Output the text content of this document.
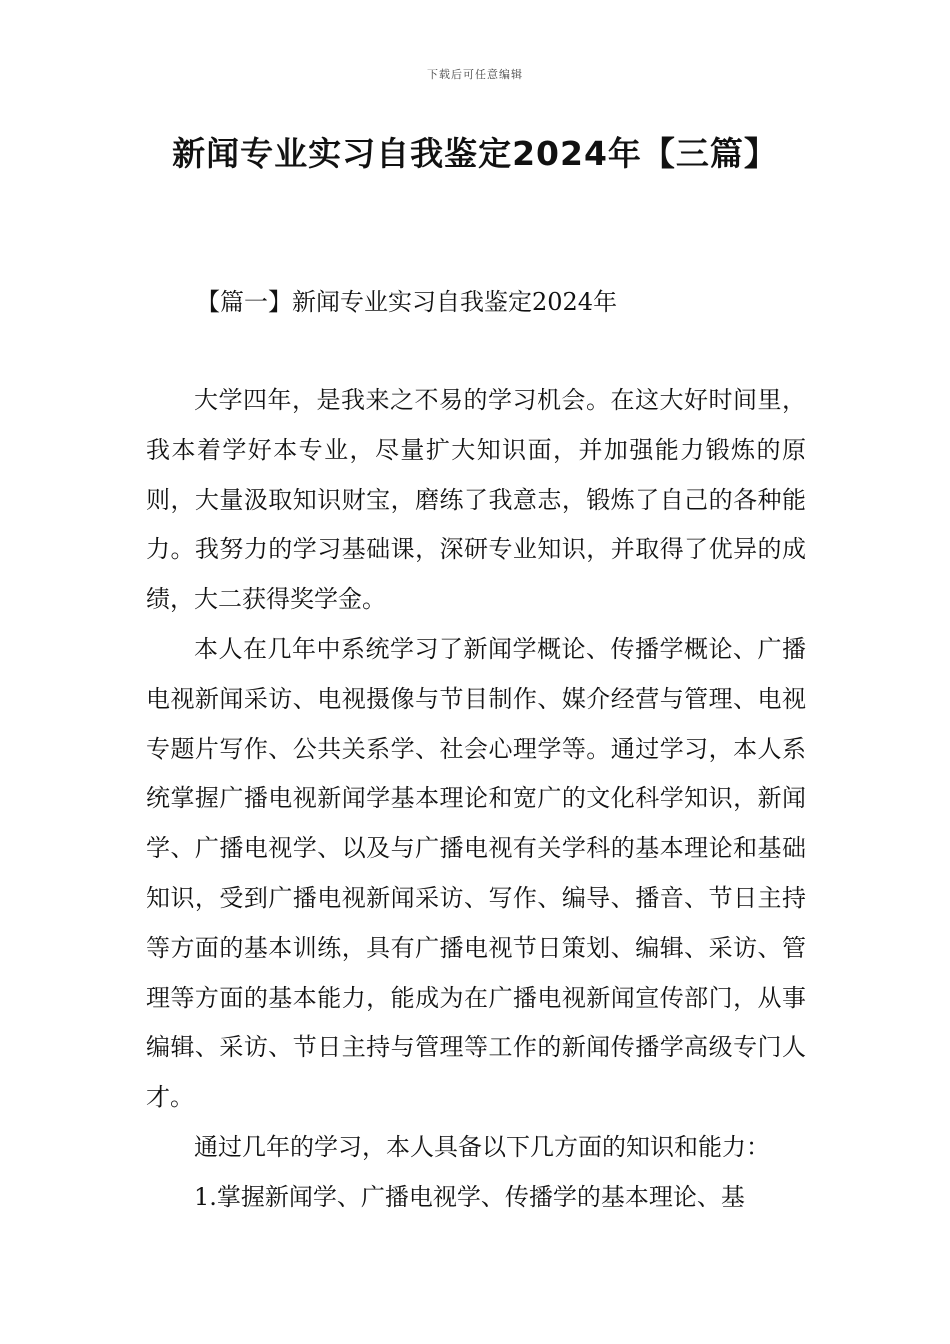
下载后可任意编辑
新闻专业实习自我鉴定2024年【三篇】
【篇一】新闻专业实习自我鉴定2024年

大学四年，是我来之不易的学习机会。在这大好时间里，我本着学好本专业，尽量扩大知识面，并加强能力锻炼的原则，大量汲取知识财宝，磨练了我意志，锻炼了自己的各种能力。我努力的学习基础课，深研专业知识，并取得了优异的成绩，大二获得奖学金。

本人在几年中系统学习了新闻学概论、传播学概论、广播电视新闻采访、电视摄像与节目制作、媒介经营与管理、电视专题片写作、公共关系学、社会心理学等。通过学习，本人系统掌握广播电视新闻学基本理论和宽广的文化科学知识，新闻学、广播电视学、以及与广播电视有关学科的基本理论和基础知识，受到广播电视新闻采访、写作、编导、播音、节日主持等方面的基本训练，具有广播电视节日策划、编辑、采访、管理等方面的基本能力，能成为在广播电视新闻宣传部门，从事编辑、采访、节日主持与管理等工作的新闻传播学高级专门人才。

通过几年的学习，本人具备以下几方面的知识和能力：

1.掌握新闻学、广播电视学、传播学的基本理论、基
